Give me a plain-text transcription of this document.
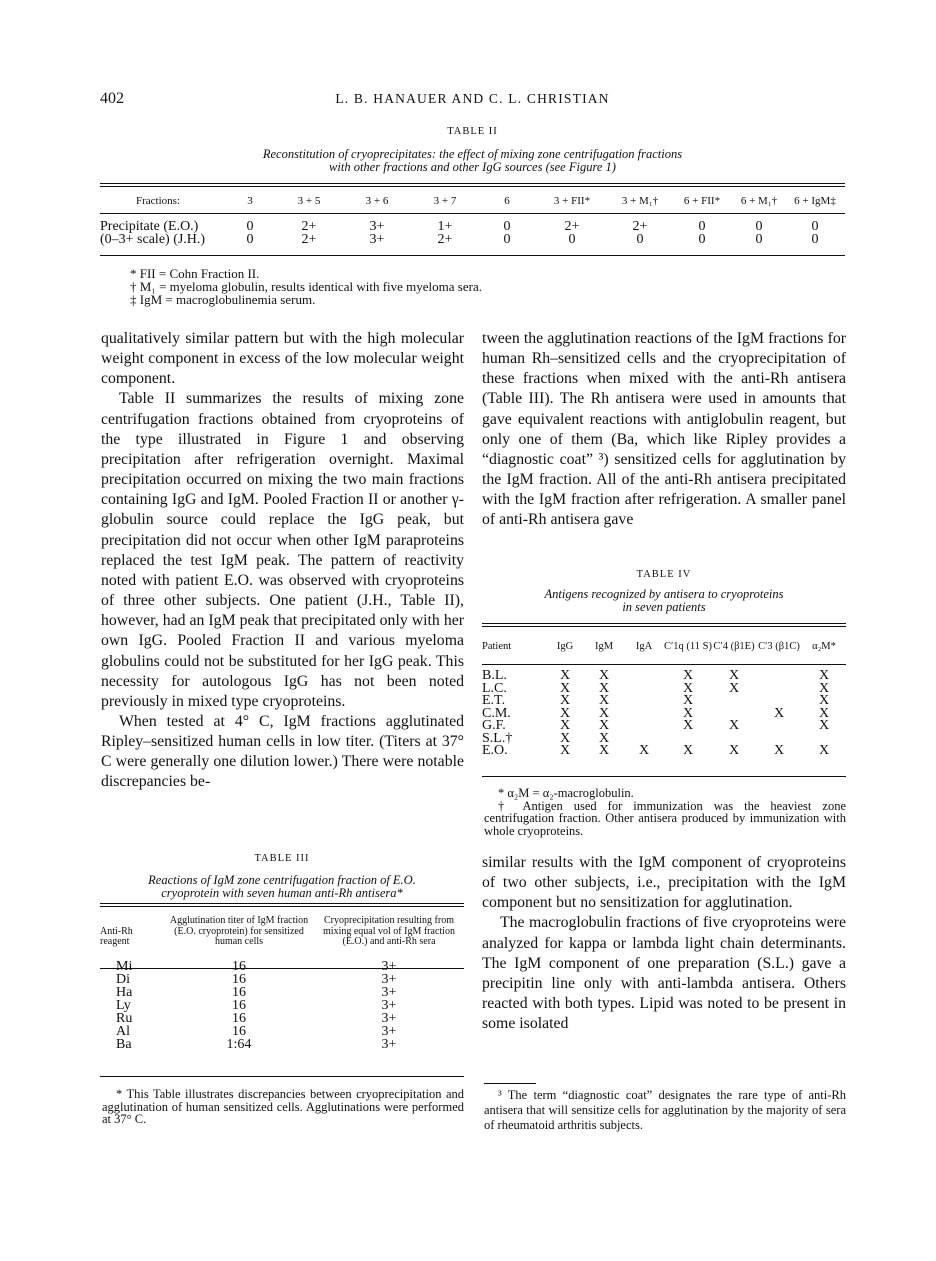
402	L. B. HANAUER AND C. L. CHRISTIAN
TABLE II
Reconstitution of cryoprecipitates: the effect of mixing zone centrifugation fractions
with other fractions and other IgG sources (see Figure 1)
Fractions:	3	3 + 5	3 + 6	3 + 7	6	3 + FII*	3 + M₁†	6 + FII*	6 + M₁†	6 + IgM‡

Precipitate (E.O.)	0	2+	3+	1+	0	2+	2+	0	0	0
(0–3+ scale) (J.H.)	0	2+	3+	2+	0	0	0	0	0	0
* FII = Cohn Fraction II.
† M₁ = myeloma globulin, results identical with five myeloma sera.
‡ IgM = macroglobulinemia serum.

qualitatively similar pattern but with the high molecular weight component in excess of the low molecular weight component.

Table II summarizes the results of mixing zone centrifugation fractions obtained from cryoproteins of the type illustrated in Figure 1 and observing precipitation after refrigeration overnight. Maximal precipitation occurred on mixing the two main fractions containing IgG and IgM. Pooled Fraction II or another γ-globulin source could replace the IgG peak, but precipitation did not occur when other IgM paraproteins replaced the test IgM peak. The pattern of reactivity noted with patient E.O. was observed with cryoproteins of three other subjects. One patient (J.H., Table II), however, had an IgM peak that precipitated only with her own IgG. Pooled Fraction II and various myeloma globulins could not be substituted for her IgG peak. This necessity for autologous IgG has not been noted previously in mixed type cryoproteins.

When tested at 4° C, IgM fractions agglutinated Ripley–sensitized human cells in low titer. (Titers at 37° C were generally one dilution lower.) There were notable discrepancies be-

tween the agglutination reactions of the IgM fractions for human Rh–sensitized cells and the cryoprecipitation of these fractions when mixed with the anti-Rh antisera (Table III). The Rh antisera were used in amounts that gave equivalent reactions with antiglobulin reagent, but only one of them (Ba, which like Ripley provides a “diagnostic coat” ³) sensitized cells for agglutination by the IgM fraction. All of the anti-Rh antisera precipitated with the IgM fraction after refrigeration. A smaller panel of anti-Rh antisera gave

TABLE IV
Antigens recognized by antisera to cryoproteins
in seven patients
Patient	IgG	IgM	IgA	C′1q (11 S)	C′4 (β1E)	C′3 (β1C)	α₂M*

B.L.	X	X		X	X		X
L.C.	X	X		X	X		X
E.T.	X	X		X			X
C.M.	X	X		X		X	X
G.F.	X	X		X	X		X
S.L.†	X	X					
E.O.	X	X	X	X	X	X	X

* α₂M = α₂-macroglobulin.

† Antigen used for immunization was the heaviest zone centrifugation fraction. Other antisera produced by immunization with whole cryoproteins.

TABLE III
Reactions of IgM zone centrifugation fraction of E.O.
cryoprotein with seven human anti-Rh antisera*
Anti-Rh reagent	Agglutination titer of IgM fraction (E.O. cryoprotein) for sensitized human cells	Cryoprecipitation resulting from mixing equal vol of IgM fraction (E.O.) and anti-Rh sera

Mi	16	3+
Di	16	3+
Ha	16	3+
Ly	16	3+
Ru	16	3+
Al	16	3+
Ba	1:64	3+

* This Table illustrates discrepancies between cryoprecipitation and agglutination of human sensitized cells. Agglutinations were performed at 37° C.

similar results with the IgM component of cryoproteins of two other subjects, i.e., precipitation with the IgM component but no sensitization for agglutination.

The macroglobulin fractions of five cryoproteins were analyzed for kappa or lambda light chain determinants. The IgM component of one preparation (S.L.) gave a precipitin line only with anti-lambda antisera. Others reacted with both types. Lipid was noted to be present in some isolated

³ The term “diagnostic coat” designates the rare type of anti-Rh antisera that will sensitize cells for agglutination by the majority of sera of rheumatoid arthritis subjects.
